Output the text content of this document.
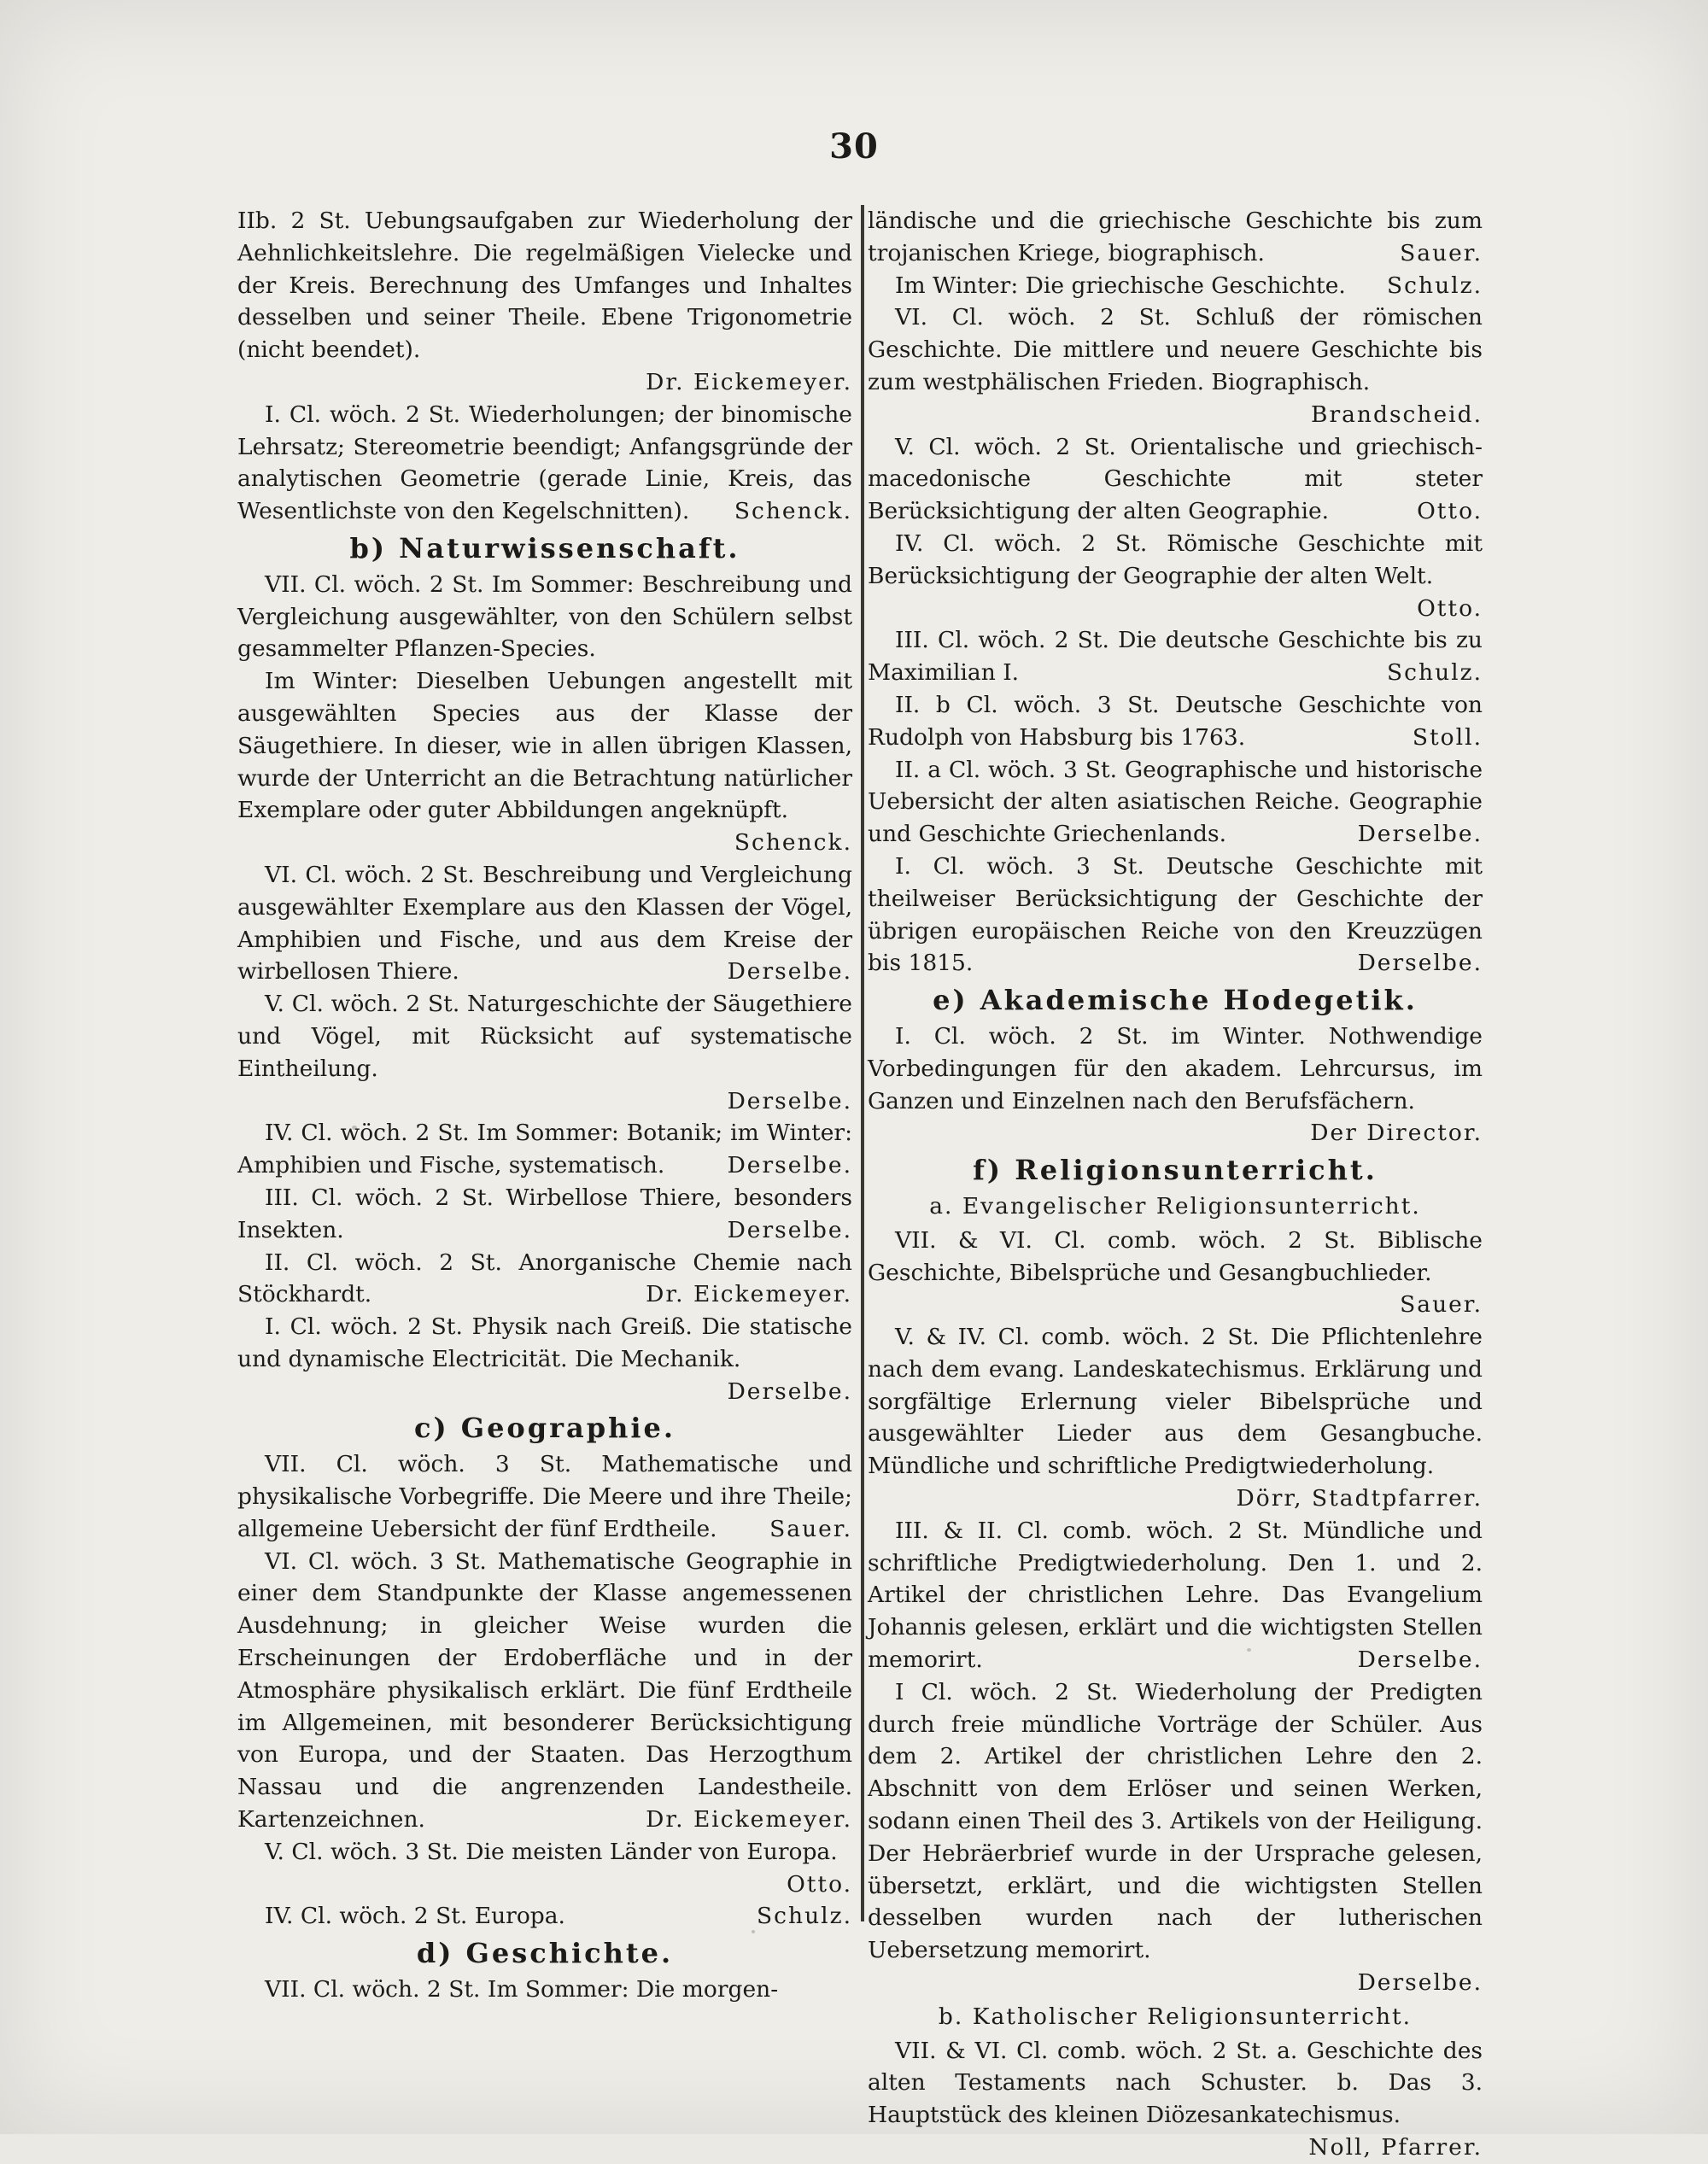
30

IIb. 2 St. Uebungsaufgaben zur Wiederholung der Aehnlichkeitslehre. Die regelmäßigen Vielecke und der Kreis. Berechnung des Umfanges und Inhaltes desselben und seiner Theile. Ebene Trigonometrie (nicht beendet).

Dr. Eickemeyer.

I. Cl. wöch. 2 St. Wiederholungen; der binomische Lehrsatz; Stereometrie beendigt; Anfangsgründe der analytischen Geometrie (gerade Linie, Kreis, das Wesentlichste von den Kegelschnitten).	Schenck.

b) Naturwissenschaft.

VII. Cl. wöch. 2 St. Im Sommer: Beschreibung und Vergleichung ausgewählter, von den Schülern selbst gesammelter Pflanzen-Species.

Im Winter: Dieselben Uebungen angestellt mit ausgewählten Species aus der Klasse der Säugethiere. In dieser, wie in allen übrigen Klassen, wurde der Unterricht an die Betrachtung natürlicher Exemplare oder guter Abbildungen angeknüpft.
Schenck.

VI. Cl. wöch. 2 St. Beschreibung und Vergleichung ausgewählter Exemplare aus den Klassen der Vögel, Amphibien und Fische, und aus dem Kreise der wirbellosen Thiere.	Derselbe.

V. Cl. wöch. 2 St. Naturgeschichte der Säugethiere und Vögel, mit Rücksicht auf systematische Eintheilung.

Derselbe.

IV. Cl. wöch. 2 St. Im Sommer: Botanik; im Winter: Amphibien und Fische, systematisch.	Derselbe.

III. Cl. wöch. 2 St. Wirbellose Thiere, besonders Insekten.	Derselbe.

II. Cl. wöch. 2 St. Anorganische Chemie nach Stöckhardt.	Dr. Eickemeyer.

I. Cl. wöch. 2 St. Physik nach Greiß. Die statische und dynamische Electricität. Die Mechanik.
Derselbe.

c) Geographie.

VII. Cl. wöch. 3 St. Mathematische und physikalische Vorbegriffe. Die Meere und ihre Theile; allgemeine Uebersicht der fünf Erdtheile.	Sauer.

VI. Cl. wöch. 3 St. Mathematische Geographie in einer dem Standpunkte der Klasse angemessenen Ausdehnung; in gleicher Weise wurden die Erscheinungen der Erdoberfläche und in der Atmosphäre physikalisch erklärt. Die fünf Erdtheile im Allgemeinen, mit besonderer Berücksichtigung von Europa, und der Staaten. Das Herzogthum Nassau und die angrenzenden Landestheile. Kartenzeichnen.	Dr. Eickemeyer.

V. Cl. wöch. 3 St. Die meisten Länder von Europa.

Otto.

IV. Cl. wöch. 2 St. Europa.	Schulz.

d) Geschichte.

VII. Cl. wöch. 2 St. Im Sommer: Die morgen-

ländische und die griechische Geschichte bis zum trojanischen Kriege, biographisch.	Sauer.

Im Winter: Die griechische Geschichte.	Schulz.

VI. Cl. wöch. 2 St. Schluß der römischen Geschichte. Die mittlere und neuere Geschichte bis zum westphälischen Frieden. Biographisch.
Brandscheid.

V. Cl. wöch. 2 St. Orientalische und griechisch-macedonische Geschichte mit steter Berücksichtigung der alten Geographie.	Otto.

IV. Cl. wöch. 2 St. Römische Geschichte mit Berücksichtigung der Geographie der alten Welt.
Otto.

III. Cl. wöch. 2 St. Die deutsche Geschichte bis zu Maximilian I.	Schulz.

II. b Cl. wöch. 3 St. Deutsche Geschichte von Rudolph von Habsburg bis 1763.	Stoll.

II. a Cl. wöch. 3 St. Geographische und historische Uebersicht der alten asiatischen Reiche. Geographie und Geschichte Griechenlands.	Derselbe.

I. Cl. wöch. 3 St. Deutsche Geschichte mit theilweiser Berücksichtigung der Geschichte der übrigen europäischen Reiche von den Kreuzzügen bis 1815.	Derselbe.

e) Akademische Hodegetik.

I. Cl. wöch. 2 St. im Winter. Nothwendige Vorbedingungen für den akadem. Lehrcursus, im Ganzen und Einzelnen nach den Berufsfächern.
Der Director.

f) Religionsunterricht.
a. Evangelischer Religionsunterricht.

VII. & VI. Cl. comb. wöch. 2 St. Biblische Geschichte, Bibelsprüche und Gesangbuchlieder.
Sauer.

V. & IV. Cl. comb. wöch. 2 St. Die Pflichtenlehre nach dem evang. Landeskatechismus. Erklärung und sorgfältige Erlernung vieler Bibelsprüche und ausgewählter Lieder aus dem Gesangbuche. Mündliche und schriftliche Predigtwiederholung.
Dörr, Stadtpfarrer.

III. & II. Cl. comb. wöch. 2 St. Mündliche und schriftliche Predigtwiederholung. Den 1. und 2. Artikel der christlichen Lehre. Das Evangelium Johannis gelesen, erklärt und die wichtigsten Stellen memorirt.	Derselbe.

I Cl. wöch. 2 St. Wiederholung der Predigten durch freie mündliche Vorträge der Schüler. Aus dem 2. Artikel der christlichen Lehre den 2. Abschnitt von dem Erlöser und seinen Werken, sodann einen Theil des 3. Artikels von der Heiligung. Der Hebräerbrief wurde in der Ursprache gelesen, übersetzt, erklärt, und die wichtigsten Stellen desselben wurden nach der lutherischen Uebersetzung memorirt.

Derselbe.

b. Katholischer Religionsunterricht.

VII. & VI. Cl. comb. wöch. 2 St. a. Geschichte des alten Testaments nach Schuster. b. Das 3. Hauptstück des kleinen Diözesankatechismus.
Noll, Pfarrer.
